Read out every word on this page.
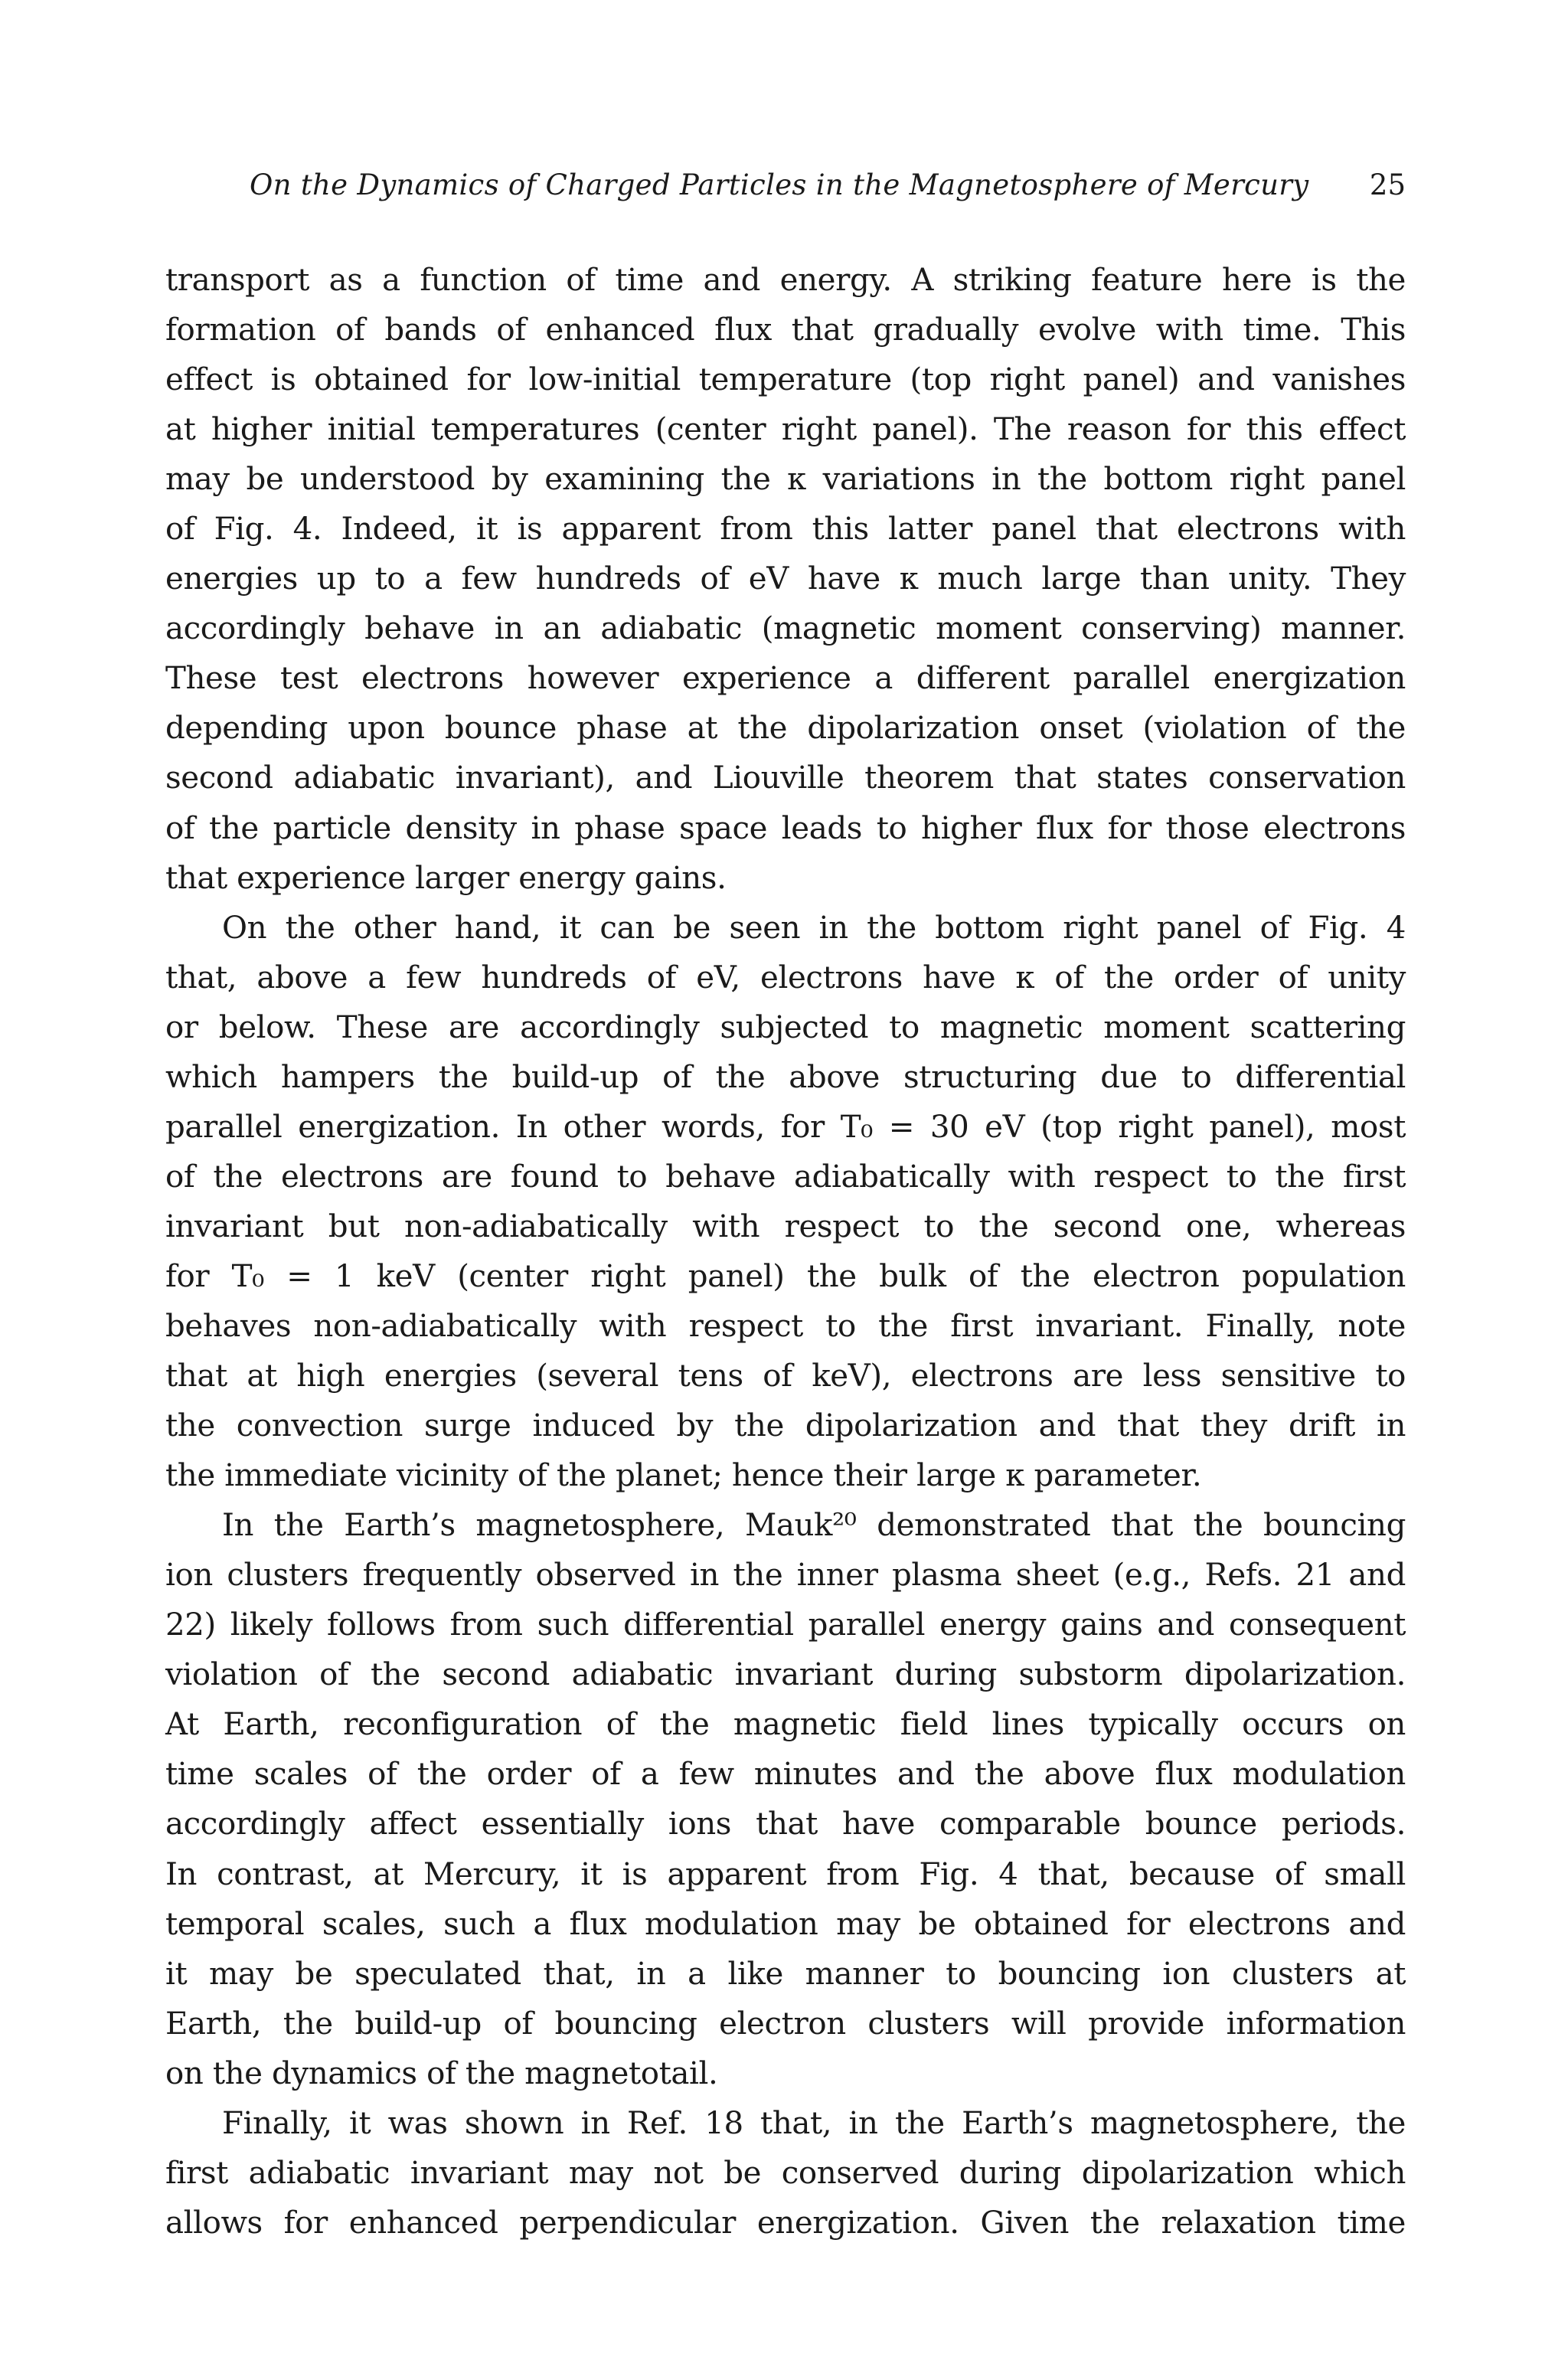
On the Dynamics of Charged Particles in the Magnetosphere of Mercury 25

transport as a function of time and energy. A striking feature here is the
formation of bands of enhanced flux that gradually evolve with time. This
effect is obtained for low-initial temperature (top right panel) and vanishes
at higher initial temperatures (center right panel). The reason for this effect
may be understood by examining the κ variations in the bottom right panel
of Fig. 4. Indeed, it is apparent from this latter panel that electrons with
energies up to a few hundreds of eV have κ much large than unity. They
accordingly behave in an adiabatic (magnetic moment conserving) manner.
These test electrons however experience a different parallel energization
depending upon bounce phase at the dipolarization onset (violation of the
second adiabatic invariant), and Liouville theorem that states conservation
of the particle density in phase space leads to higher flux for those electrons
that experience larger energy gains.

On the other hand, it can be seen in the bottom right panel of Fig. 4
that, above a few hundreds of eV, electrons have κ of the order of unity
or below. These are accordingly subjected to magnetic moment scattering
which hampers the build-up of the above structuring due to differential
parallel energization. In other words, for T₀ = 30 eV (top right panel), most
of the electrons are found to behave adiabatically with respect to the first
invariant but non-adiabatically with respect to the second one, whereas
for T₀ = 1 keV (center right panel) the bulk of the electron population
behaves non-adiabatically with respect to the first invariant. Finally, note
that at high energies (several tens of keV), electrons are less sensitive to
the convection surge induced by the dipolarization and that they drift in
the immediate vicinity of the planet; hence their large κ parameter.

In the Earth’s magnetosphere, Mauk²⁰ demonstrated that the bouncing
ion clusters frequently observed in the inner plasma sheet (e.g., Refs. 21 and
22) likely follows from such differential parallel energy gains and consequent
violation of the second adiabatic invariant during substorm dipolarization.
At Earth, reconfiguration of the magnetic field lines typically occurs on
time scales of the order of a few minutes and the above flux modulation
accordingly affect essentially ions that have comparable bounce periods.
In contrast, at Mercury, it is apparent from Fig. 4 that, because of small
temporal scales, such a flux modulation may be obtained for electrons and
it may be speculated that, in a like manner to bouncing ion clusters at
Earth, the build-up of bouncing electron clusters will provide information
on the dynamics of the magnetotail.

Finally, it was shown in Ref. 18 that, in the Earth’s magnetosphere, the
first adiabatic invariant may not be conserved during dipolarization which
allows for enhanced perpendicular energization. Given the relaxation time
